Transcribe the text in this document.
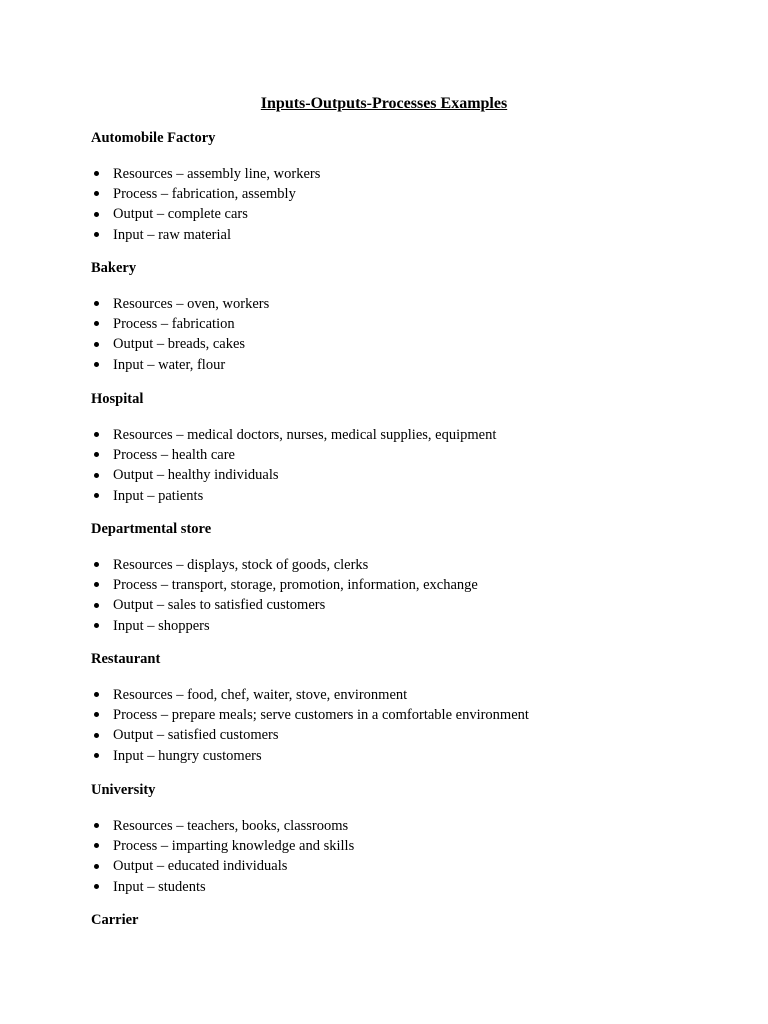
Inputs-Outputs-Processes Examples
Automobile Factory
Resources – assembly line, workers
Process – fabrication, assembly
Output – complete cars
Input – raw material
Bakery
Resources – oven, workers
Process – fabrication
Output – breads, cakes
Input – water, flour
Hospital
Resources – medical doctors, nurses, medical supplies, equipment
Process – health care
Output – healthy individuals
Input – patients
Departmental store
Resources – displays, stock of goods, clerks
Process – transport, storage, promotion, information, exchange
Output – sales to satisfied customers
Input – shoppers
Restaurant
Resources – food, chef, waiter, stove, environment
Process – prepare meals; serve customers in a comfortable environment
Output – satisfied customers
Input – hungry customers
University
Resources – teachers, books, classrooms
Process – imparting knowledge and skills
Output – educated individuals
Input – students
Carrier
